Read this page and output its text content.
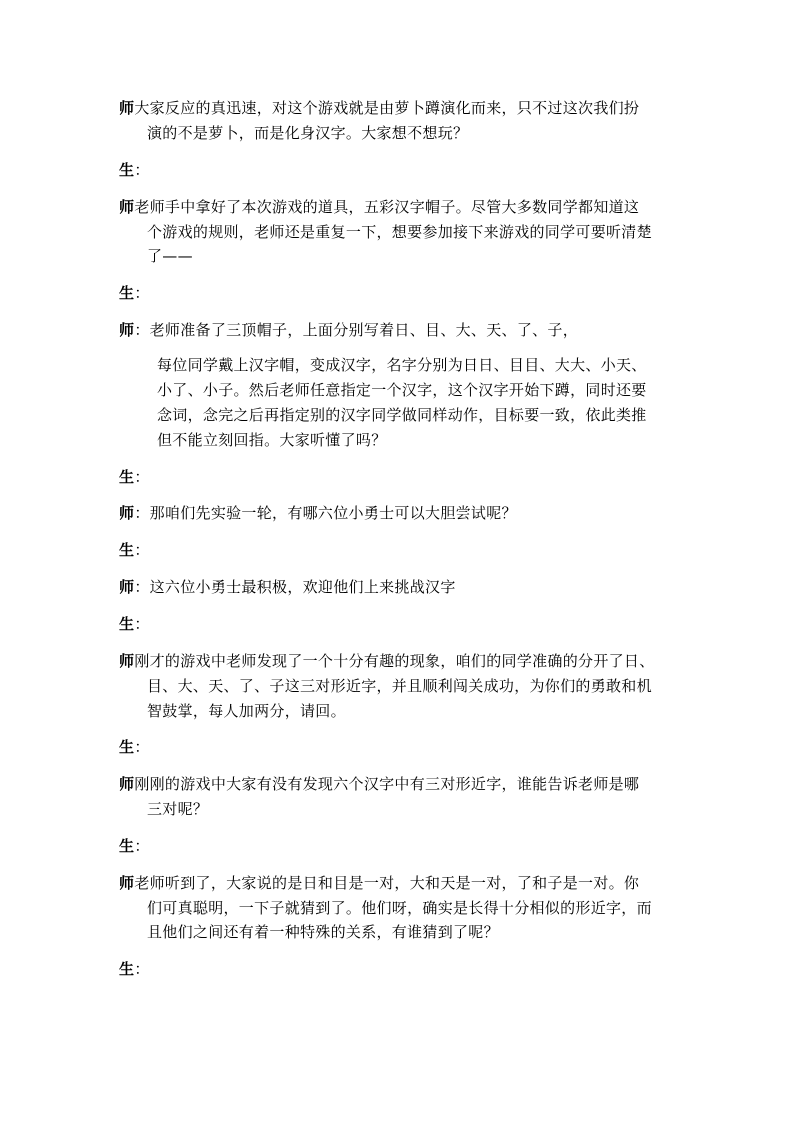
师大家反应的真迅速，对这个游戏就是由萝卜蹲演化而来，只不过这次我们扮
演的不是萝卜，而是化身汉字。大家想不想玩？
生：
师老师手中拿好了本次游戏的道具，五彩汉字帽子。尽管大多数同学都知道这
个游戏的规则，老师还是重复一下，想要参加接下来游戏的同学可要听清楚
了——
生：
师：老师准备了三顶帽子，上面分别写着日、目、大、天、了、子，
每位同学戴上汉字帽，变成汉字，名字分别为日日、目目、大大、小天、
小了、小子。然后老师任意指定一个汉字，这个汉字开始下蹲，同时还要
念词，念完之后再指定别的汉字同学做同样动作，目标要一致，依此类推
但不能立刻回指。大家听懂了吗？
生：
师：那咱们先实验一轮，有哪六位小勇士可以大胆尝试呢？
生：
师：这六位小勇士最积极，欢迎他们上来挑战汉字
生：
师刚才的游戏中老师发现了一个十分有趣的现象，咱们的同学准确的分开了日、
目、大、天、了、子这三对形近字，并且顺利闯关成功，为你们的勇敢和机
智鼓掌，每人加两分，请回。
生：
师刚刚的游戏中大家有没有发现六个汉字中有三对形近字，谁能告诉老师是哪
三对呢？
生：
师老师听到了，大家说的是日和目是一对，大和天是一对，了和子是一对。你
们可真聪明，一下子就猜到了。他们呀，确实是长得十分相似的形近字，而
且他们之间还有着一种特殊的关系，有谁猜到了呢？
生：
